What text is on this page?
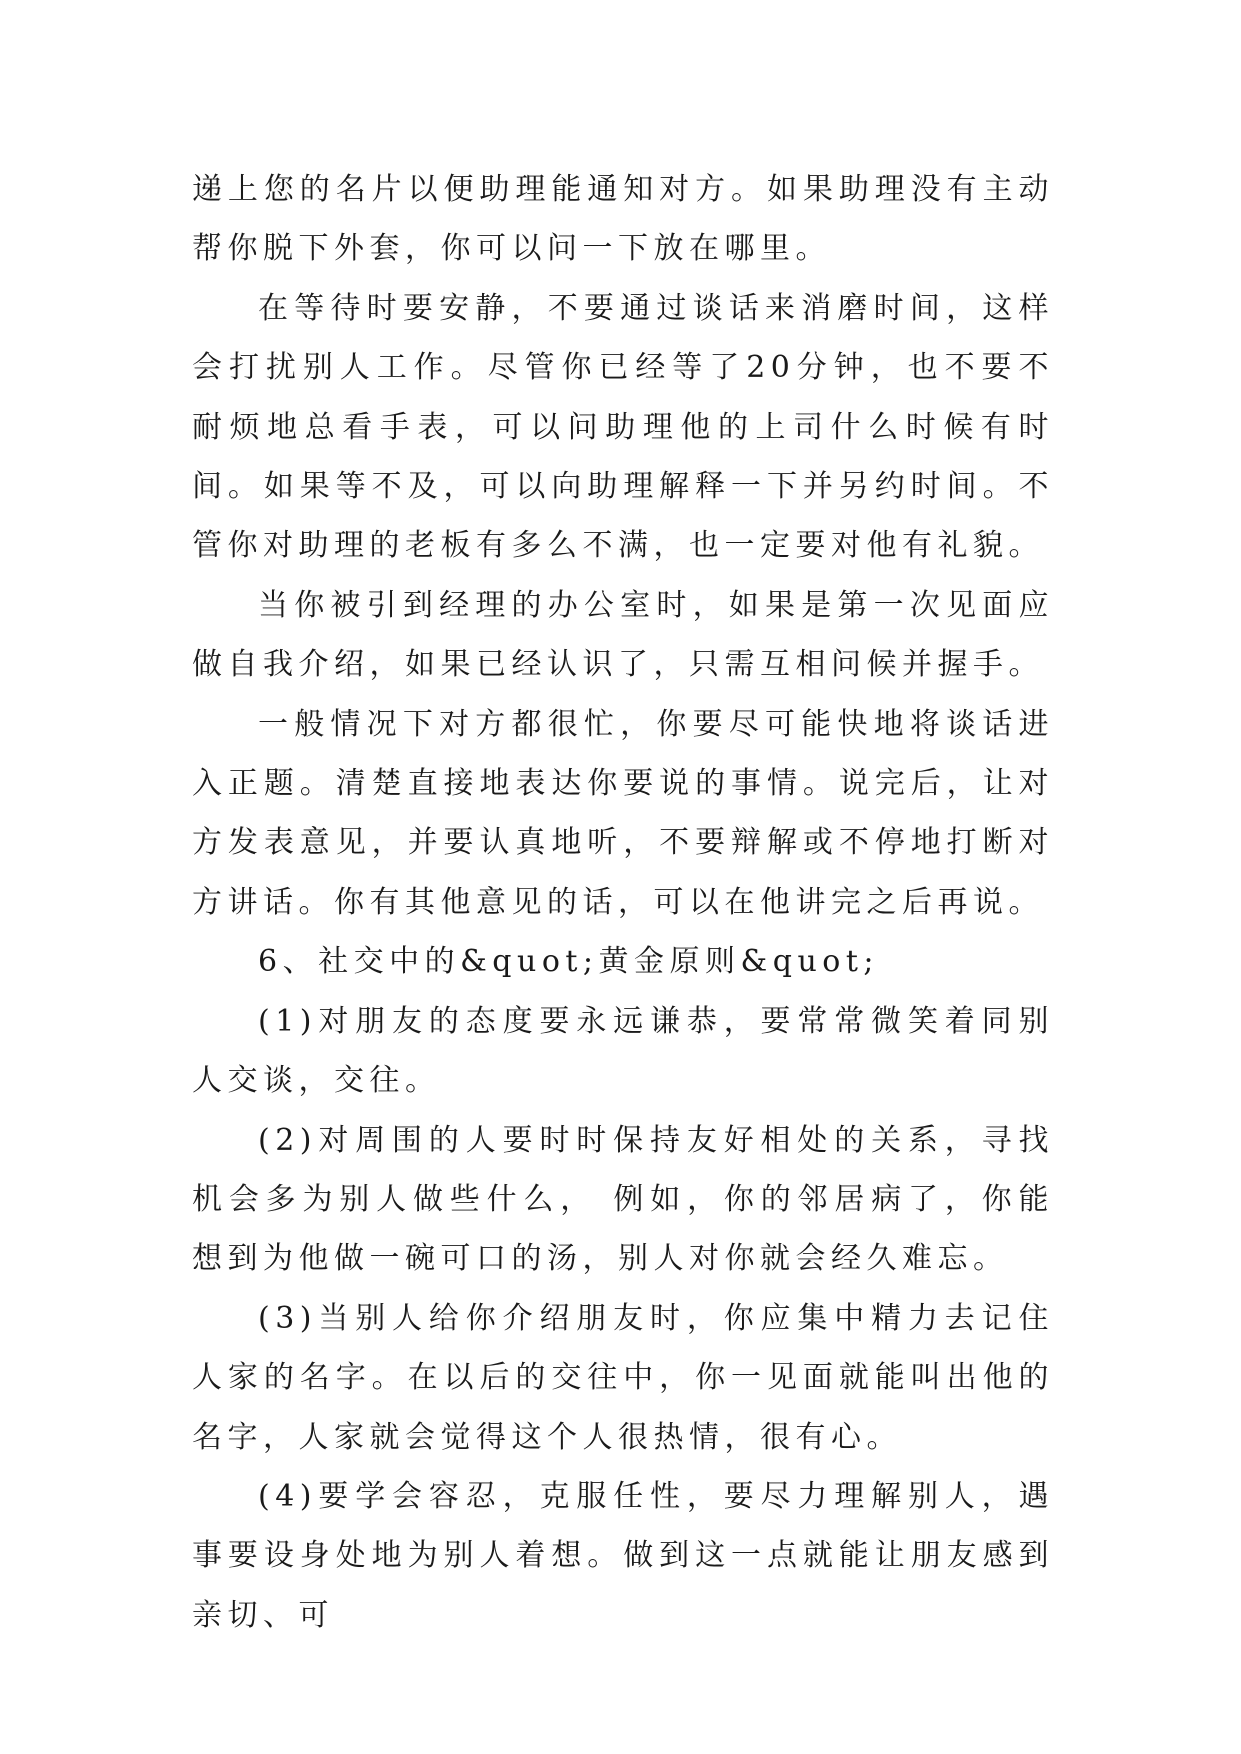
递上您的名片以便助理能通知对方。如果助理没有主动帮你脱下外套，你可以问一下放在哪里。

在等待时要安静，不要通过谈话来消磨时间，这样会打扰别人工作。尽管你已经等了20分钟，也不要不耐烦地总看手表，可以问助理他的上司什么时候有时间。如果等不及，可以向助理解释一下并另约时间。不管你对助理的老板有多么不满，也一定要对他有礼貌。

当你被引到经理的办公室时，如果是第一次见面应做自我介绍，如果已经认识了，只需互相问候并握手。

一般情况下对方都很忙，你要尽可能快地将谈话进入正题。清楚直接地表达你要说的事情。说完后，让对方发表意见，并要认真地听，不要辩解或不停地打断对方讲话。你有其他意见的话，可以在他讲完之后再说。

6、社交中的&quot;黄金原则&quot;

(1)对朋友的态度要永远谦恭，要常常微笑着同别人交谈，交往。

(2)对周围的人要时时保持友好相处的关系，寻找机会多为别人做些什么， 例如，你的邻居病了，你能想到为他做一碗可口的汤，别人对你就会经久难忘。

(3)当别人给你介绍朋友时，你应集中精力去记住人家的名字。在以后的交往中，你一见面就能叫出他的名字，人家就会觉得这个人很热情，很有心。

(4)要学会容忍，克服任性，要尽力理解别人，遇事要设身处地为别人着想。做到这一点就能让朋友感到亲切、可
